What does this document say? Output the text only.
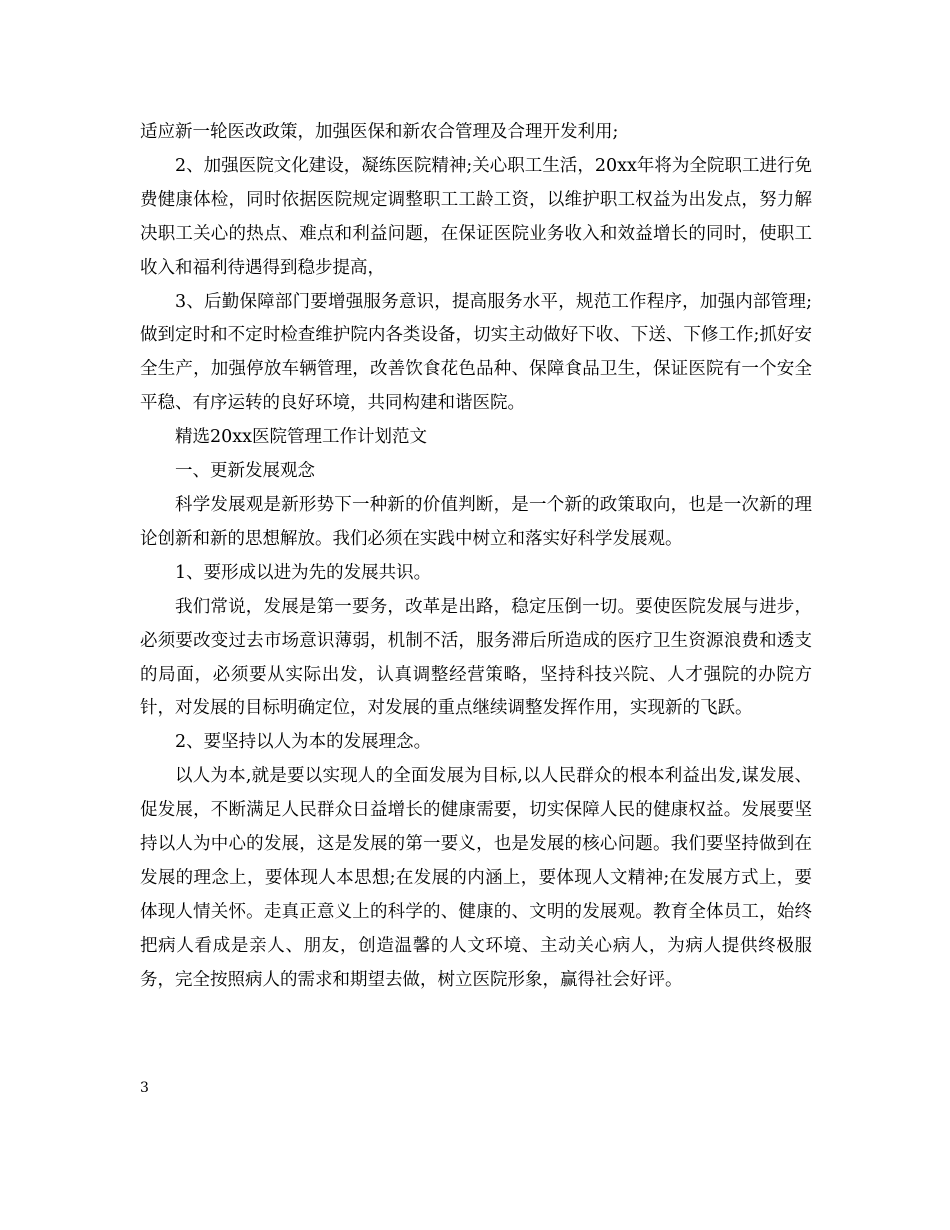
适应新一轮医改政策，加强医保和新农合管理及合理开发利用;

2、加强医院文化建设，凝练医院精神;关心职工生活，20xx年将为全院职工进行免费健康体检，同时依据医院规定调整职工工龄工资，以维护职工权益为出发点，努力解决职工关心的热点、难点和利益问题，在保证医院业务收入和效益增长的同时，使职工收入和福利待遇得到稳步提高，

3、后勤保障部门要增强服务意识，提高服务水平，规范工作程序，加强内部管理;做到定时和不定时检查维护院内各类设备，切实主动做好下收、下送、下修工作;抓好安全生产，加强停放车辆管理，改善饮食花色品种、保障食品卫生，保证医院有一个安全平稳、有序运转的良好环境，共同构建和谐医院。

精选20xx医院管理工作计划范文

一、更新发展观念

科学发展观是新形势下一种新的价值判断，是一个新的政策取向，也是一次新的理论创新和新的思想解放。我们必须在实践中树立和落实好科学发展观。

1、要形成以进为先的发展共识。

我们常说，发展是第一要务，改革是出路，稳定压倒一切。要使医院发展与进步，必须要改变过去市场意识薄弱，机制不活，服务滞后所造成的医疗卫生资源浪费和透支的局面，必须要从实际出发，认真调整经营策略，坚持科技兴院、人才强院的办院方针，对发展的目标明确定位，对发展的重点继续调整发挥作用，实现新的飞跃。

2、要坚持以人为本的发展理念。

以人为本,就是要以实现人的全面发展为目标,以人民群众的根本利益出发,谋发展、促发展，不断满足人民群众日益增长的健康需要，切实保障人民的健康权益。发展要坚持以人为中心的发展，这是发展的第一要义，也是发展的核心问题。我们要坚持做到在发展的理念上，要体现人本思想;在发展的内涵上，要体现人文精神;在发展方式上，要体现人情关怀。走真正意义上的科学的、健康的、文明的发展观。教育全体员工，始终把病人看成是亲人、朋友，创造温馨的人文环境、主动关心病人，为病人提供终极服务，完全按照病人的需求和期望去做，树立医院形象，赢得社会好评。

3
